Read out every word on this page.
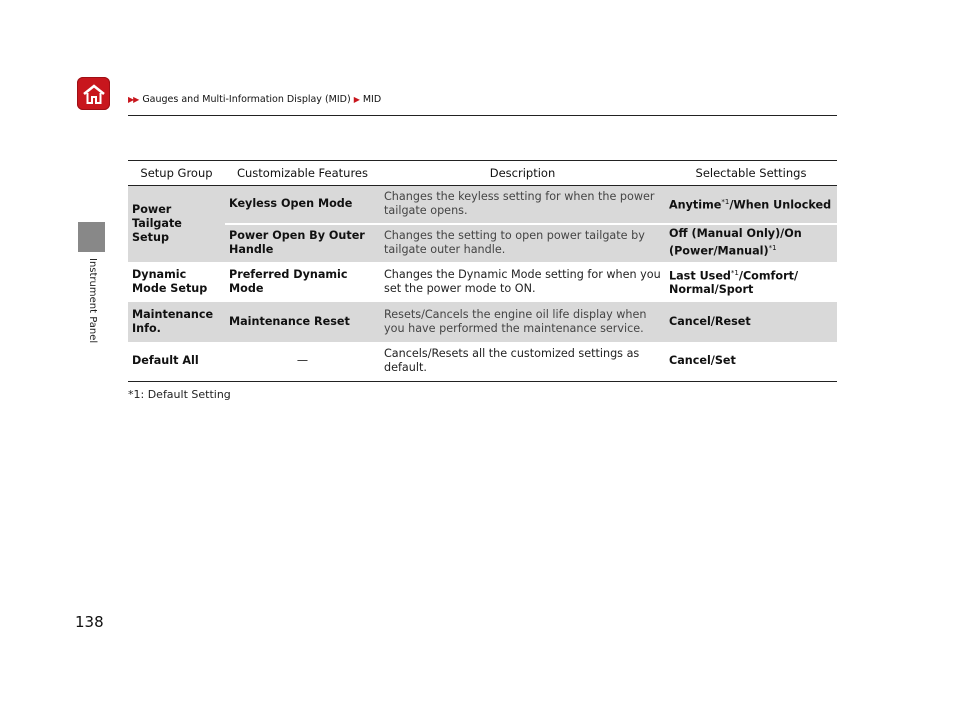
▶▶ Gauges and Multi-Information Display (MID) ▶ MID
Instrument Panel
Setup Group	Customizable Features	Description	Selectable Settings
Power Tailgate Setup	Keyless Open Mode	Changes the keyless setting for when the power tailgate opens.	Anytime$^{*1}$/When Unlocked
	Power Open By Outer Handle	Changes the setting to open power tailgate by tailgate outer handle.	Off (Manual Only)/On (Power/Manual)$^{*1}$
Dynamic Mode Setup	Preferred Dynamic Mode	Changes the Dynamic Mode setting for when you set the power mode to ON.	Last Used$^{*1}$/Comfort/ Normal/Sport
Maintenance Info.	Maintenance Reset	Resets/Cancels the engine oil life display when you have performed the maintenance service.	Cancel/Reset
Default All	—	Cancels/Resets all the customized settings as default.	Cancel/Set
*1: Default Setting
138
